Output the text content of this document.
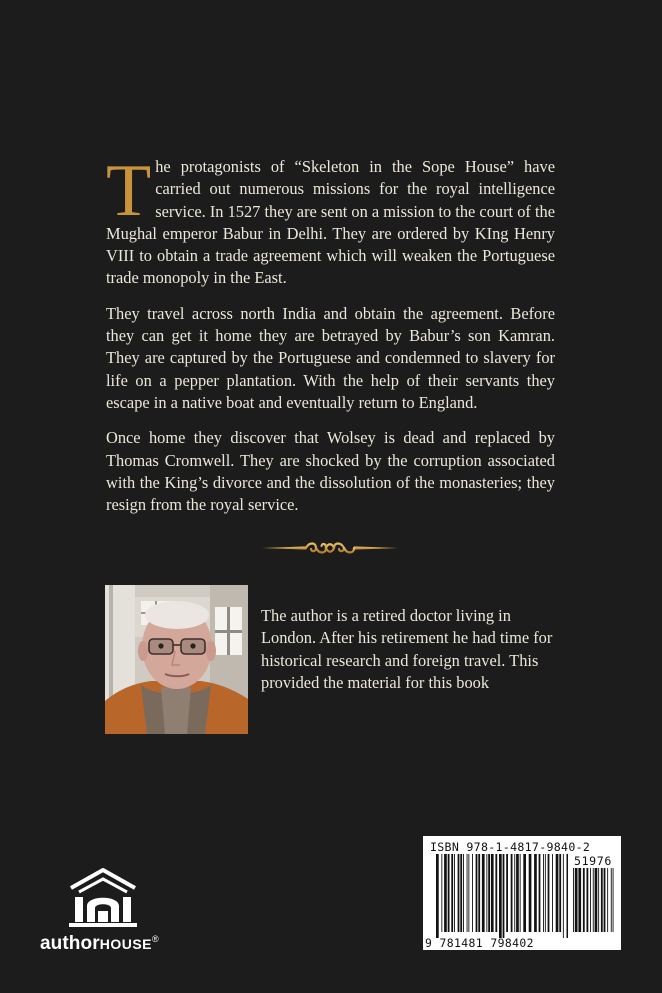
The protagonists of “Skeleton in the Sope House” have carried out numerous missions for the royal intelligence service. In 1527 they are sent on a mission to the court of the Mughal emperor Babur in Delhi. They are ordered by KIng Henry VIII to obtain a trade agreement which will weaken the Portuguese trade monopoly in the East.

They travel across north India and obtain the agreement. Before they can get it home they are betrayed by Babur’s son Kamran. They are captured by the Portuguese and condemned to slavery for life on a pepper plantation. With the help of their servants they escape in a native boat and eventually return to England.

Once home they discover that Wolsey is dead and replaced by Thomas Cromwell. They are shocked by the corruption associated with the King’s divorce and the dissolution of the monasteries; they resign from the royal service.

The author is a retired doctor living in London. After his retirement he had time for historical research and foreign travel. This provided the material for this book
authorHOUSE®
ISBN 978-1-4817-9840-2
51976
9 781481 798402
